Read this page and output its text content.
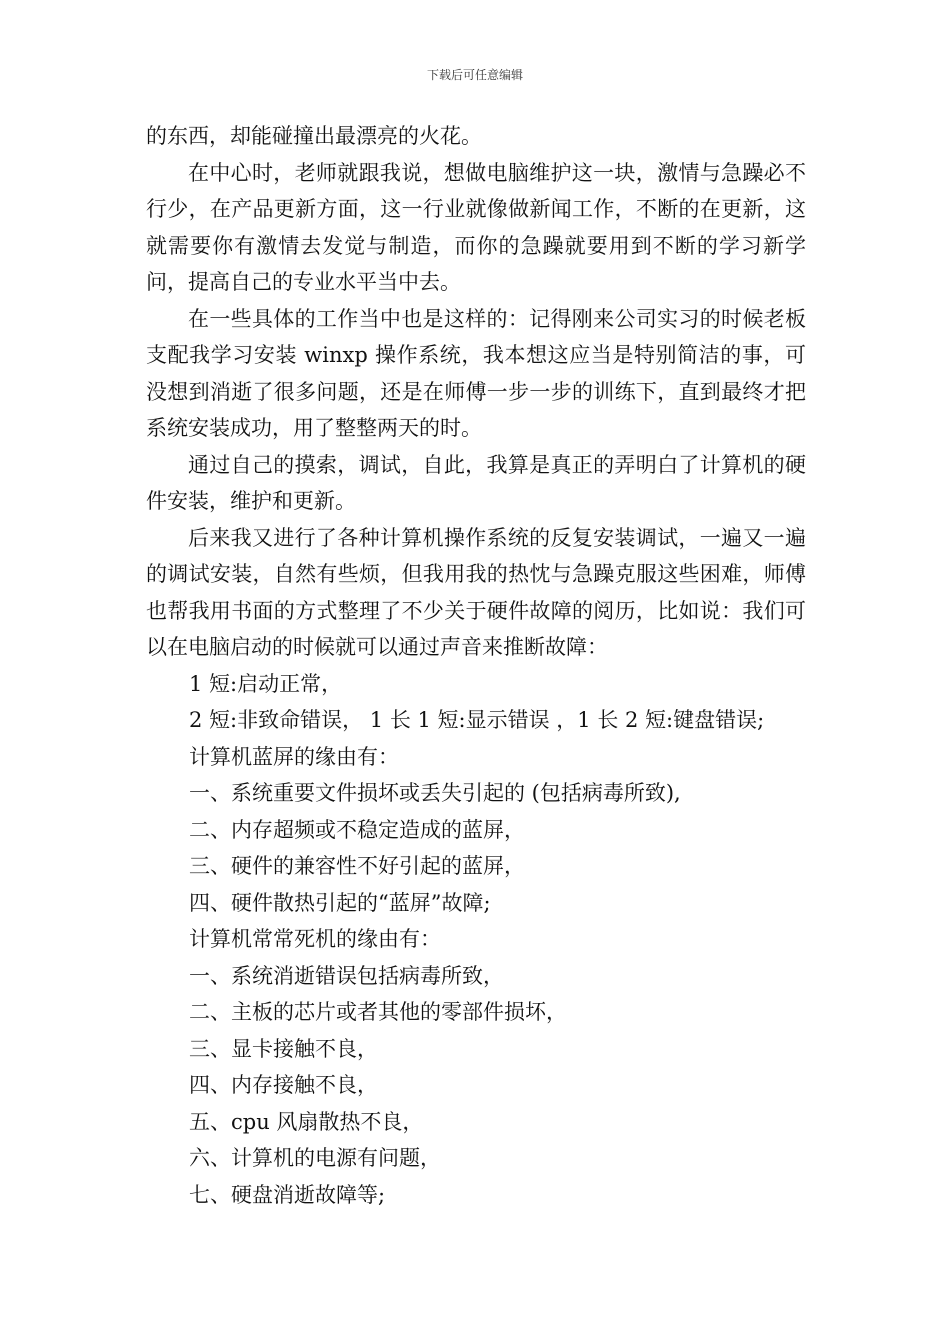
下载后可任意编辑

的东西，却能碰撞出最漂亮的火花。

在中心时，老师就跟我说，想做电脑维护这一块，激情与急躁必不行少，在产品更新方面，这一行业就像做新闻工作，不断的在更新，这就需要你有激情去发觉与制造，而你的急躁就要用到不断的学习新学问，提高自己的专业水平当中去。

在一些具体的工作当中也是这样的：记得刚来公司实习的时候老板支配我学习安装 winxp 操作系统，我本想这应当是特别简洁的事，可没想到消逝了很多问题，还是在师傅一步一步的训练下，直到最终才把系统安装成功，用了整整两天的时。

通过自己的摸索，调试，自此，我算是真正的弄明白了计算机的硬件安装，维护和更新。

后来我又进行了各种计算机操作系统的反复安装调试，一遍又一遍的调试安装，自然有些烦，但我用我的热忱与急躁克服这些困难，师傅也帮我用书面的方式整理了不少关于硬件故障的阅历，比如说：我们可以在电脑启动的时候就可以通过声音来推断故障：

1 短:启动正常，

2 短:非致命错误， 1 长 1 短:显示错误 ，1 长 2 短:键盘错误;

计算机蓝屏的缘由有：

一、系统重要文件损坏或丢失引起的 (包括病毒所致),

二、内存超频或不稳定造成的蓝屏，

三、硬件的兼容性不好引起的蓝屏，

四、硬件散热引起的“蓝屏”故障;

计算机常常死机的缘由有：

一、系统消逝错误包括病毒所致，

二、主板的芯片或者其他的零部件损坏，

三、显卡接触不良，

四、内存接触不良，

五、cpu 风扇散热不良，

六、计算机的电源有问题，

七、硬盘消逝故障等;
